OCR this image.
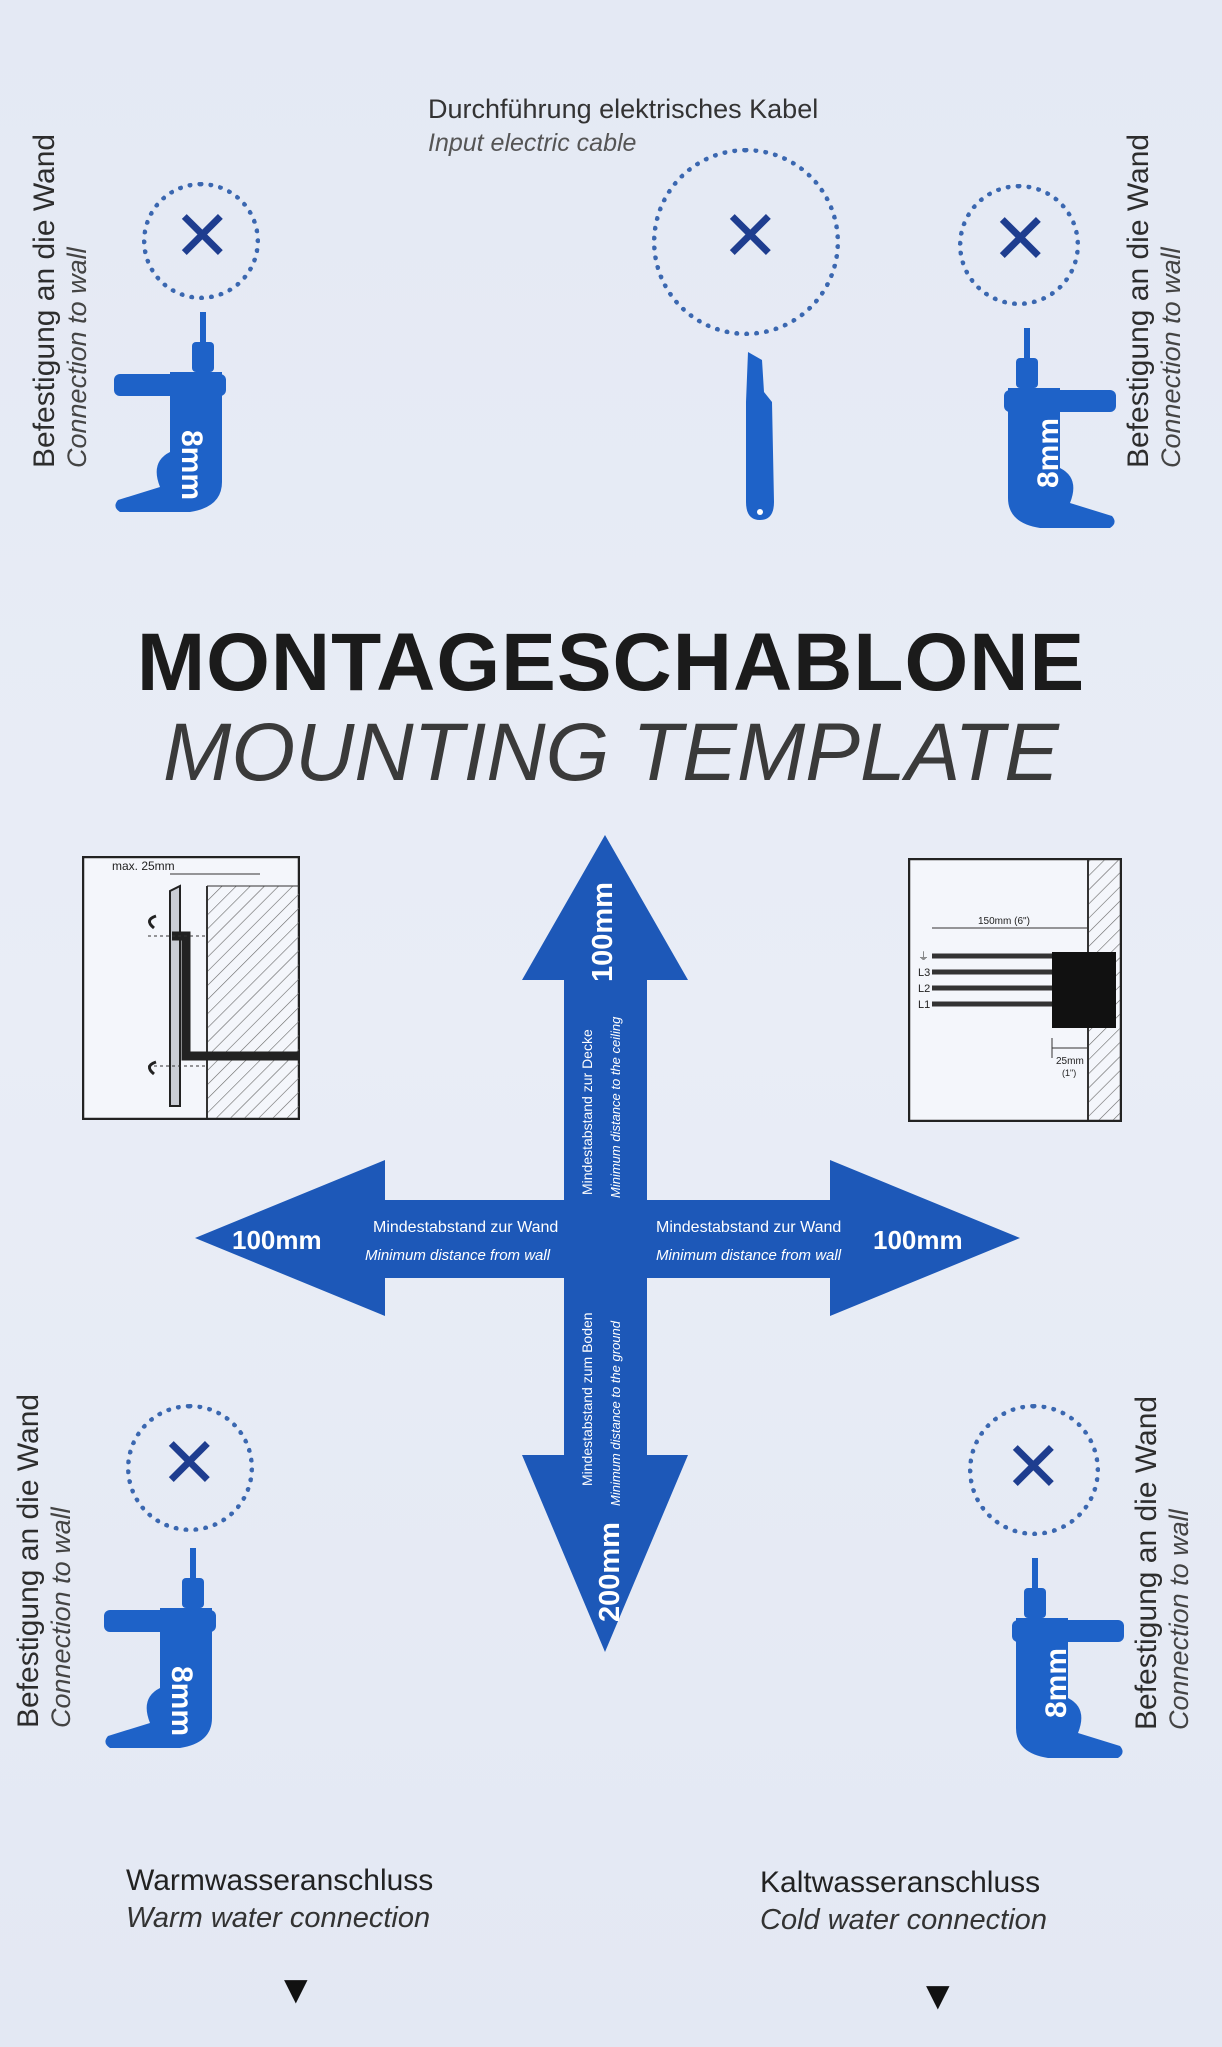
Durchführung elektrisches Kabel
Input electric cable
Befestigung an die Wand Connection to wall	Befestigung an die Wand Connection to wall
Befestigung an die Wand Connection to wall	Befestigung an die Wand Connection to wall
✕	✕	✕
✕	✕
8mm	8mm
8mm	8mm
MONTAGESCHABLONE
MOUNTING TEMPLATE
max. 25mm
150mm (6")
⏚
L3
L2
L1
25mm
(1")
100mm
Mindestabstand zur Decke Minimum distance to the ceiling
100mm	Mindestabstand zur Wand
Minimum distance from wall
Mindestabstand zur Wand
Minimum distance from wall
100mm
Mindestabstand zum Boden Minimum distance to the ground
200mm
Warmwasseranschluss
Warm water connection
Kaltwasseranschluss
Cold water connection
▼	▼
